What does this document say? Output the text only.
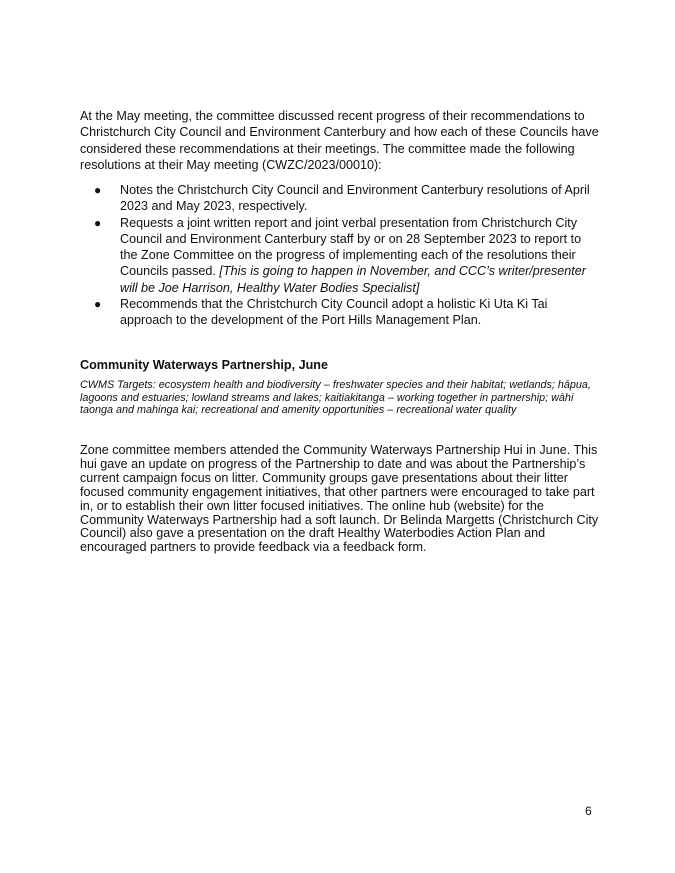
At the May meeting, the committee discussed recent progress of their recommendations to Christchurch City Council and Environment Canterbury and how each of these Councils have considered these recommendations at their meetings. The committee made the following resolutions at their May meeting (CWZC/2023/00010):

● Notes the Christchurch City Council and Environment Canterbury resolutions of April 2023 and May 2023, respectively.
● Requests a joint written report and joint verbal presentation from Christchurch City Council and Environment Canterbury staff by or on 28 September 2023 to report to the Zone Committee on the progress of implementing each of the resolutions their Councils passed. [This is going to happen in November, and CCC’s writer/presenter will be Joe Harrison, Healthy Water Bodies Specialist]
● Recommends that the Christchurch City Council adopt a holistic Ki Uta Ki Tai approach to the development of the Port Hills Management Plan.
Community Waterways Partnership, June

CWMS Targets: ecosystem health and biodiversity – freshwater species and their habitat; wetlands; hāpua, lagoons and estuaries; lowland streams and lakes; kaitiakitanga – working together in partnership; wāhi taonga and mahinga kai; recreational and amenity opportunities – recreational water quality

Zone committee members attended the Community Waterways Partnership Hui in June. This hui gave an update on progress of the Partnership to date and was about the Partnership’s current campaign focus on litter. Community groups gave presentations about their litter focused community engagement initiatives, that other partners were encouraged to take part in, or to establish their own litter focused initiatives. The online hub (website) for the Community Waterways Partnership had a soft launch. Dr Belinda Margetts (Christchurch City Council) also gave a presentation on the draft Healthy Waterbodies Action Plan and encouraged partners to provide feedback via a feedback form.

6
